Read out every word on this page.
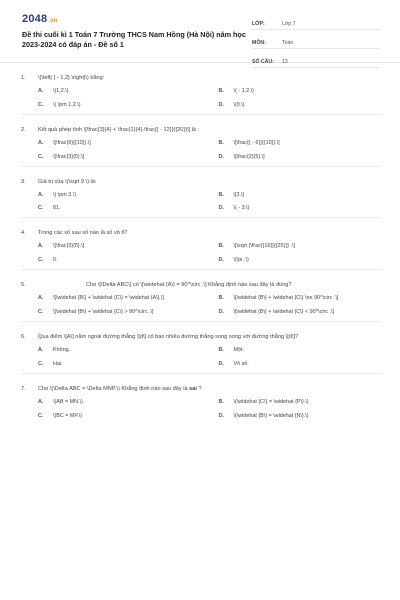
2048.vn
Đề thi cuối kì 1 Toán 7 Trường THCS Nam Hồng (Hà Nội) năm học 2023-2024 có đáp án - Đề số 1
LỚP:	Lớp 7
MÔN:	Toán
SỐ CÂU:	13
1.	\(\left| { - 1,2} \right|\) bằng:
A.	\(1,2.\)	B.	\( - 1,2.\)
C.	\( \pm 1,2.\)	D.	\(0.\)
2.	Kết quả phép tính \[\frac{3}{4} + \frac{1}{4}.\frac{{ - 12}}{{20}}\] là :
A.	\[\frac{9}{{10}}.\]	B.	\[\frac{{ - 6}}{{10}}.\]
C.	\[\frac{3}{5}.\]	D.	\[\frac{2}{5}.\]
3.	Giá trị của \(\sqrt 9 \) là:
A.	\( \pm 3.\)	B.	\[3.\]
C.	81.	D.	\( - 3.\)
4.	Trong các số sau số nào là số vô tỉ?
A.	\[\frac{3}{5}.\]	B.	\[\sqrt {\frac{{16}}{{25}}} .\]
C.	0.	D.	\(\pi .\)
5.	Cho \[\Delta ABC\] có \[\widehat {A\} = 90^\circ .\] Khẳng định nào sau đây là đúng?
A.	\[\widehat {B\} + \widehat {C\} = \widehat {A\}.\]	B.	\[\widehat {B\} + \widehat {C\} \ne 90^\circ .\]
C.	\[\widehat {B\} + \widehat {C\} > 90^\circ .\]	D.	\[\widehat {B\} + \widehat {C\} < 90^\circ .\]
6.	Qua điểm \[A\] nằm ngoài đường thẳng \[d\] có bao nhiêu đường thẳng song song với đường thẳng \[d\]?
A.	Không.	B.	Một.
C.	Hai.	D.	Vô số.
7.	Cho \(\Delta ABC = \Delta MNP.\) Khẳng định nào sau đây là sai ?
A.	\(AB = MN.\)	B.	\(\widehat {C\} = \widehat {P\}.\)
C.	\(BC = MP.\)	D.	\(\widehat {B\} = \widehat {N\}.\)
